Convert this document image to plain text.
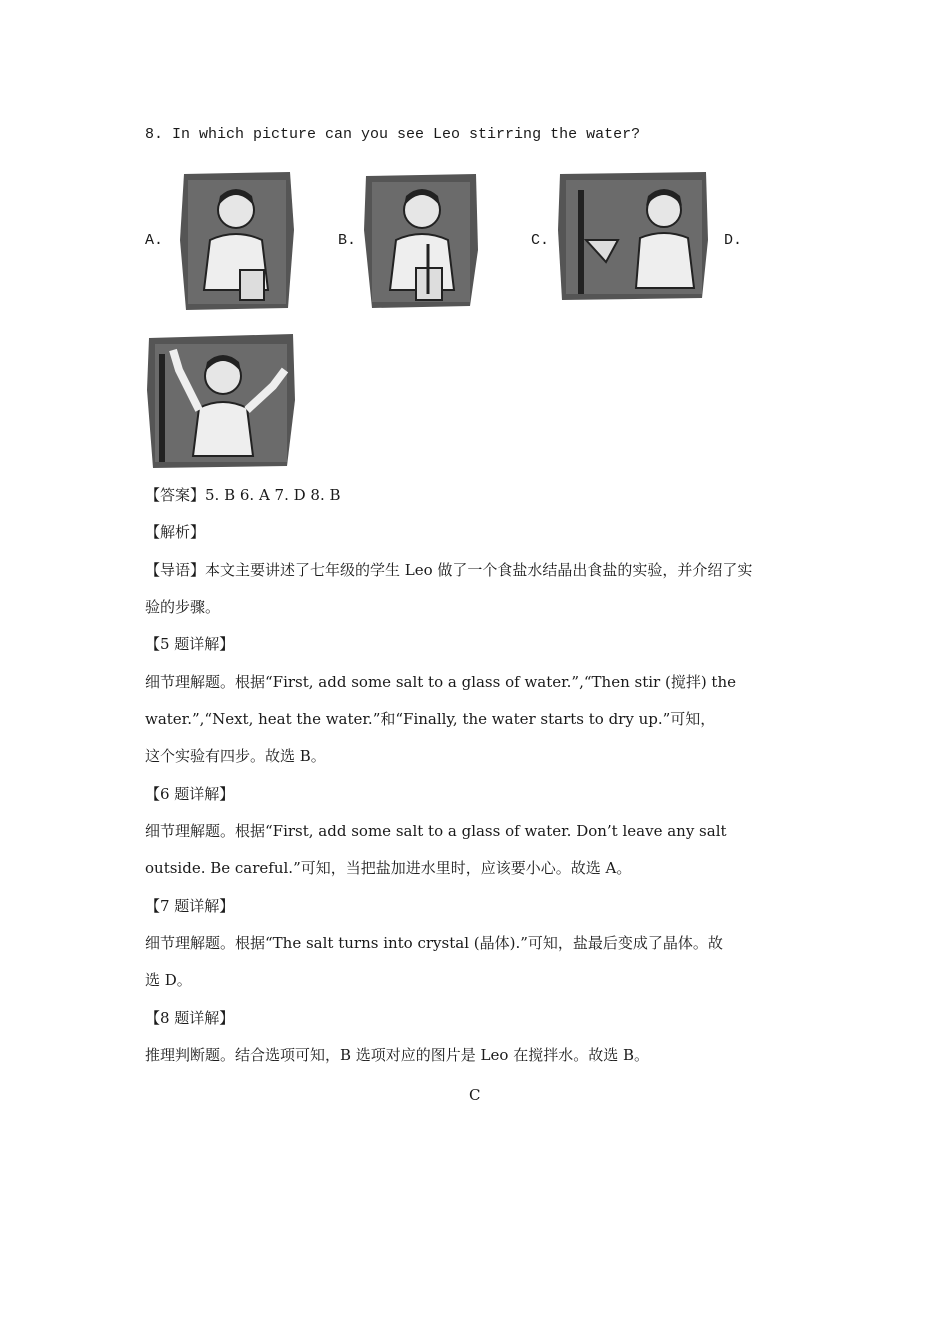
8. In which picture can you see Leo stirring the water?
A.	B.	C.	D.
【答案】5. B 6. A 7. D 8. B
【解析】
【导语】本文主要讲述了七年级的学生 Leo 做了一个食盐水结晶出食盐的实验，并介绍了实
验的步骤。
【5 题详解】
细节理解题。根据“First, add some salt to a glass of water.”,“Then stir (搅拌) the
water.”,“Next, heat the water.”和“Finally, the water starts to dry up.”可知，
这个实验有四步。故选 B。
【6 题详解】
细节理解题。根据“First, add some salt to a glass of water. Don’t leave any salt
outside. Be careful.”可知，当把盐加进水里时，应该要小心。故选 A。
【7 题详解】
细节理解题。根据“The salt turns into crystal (晶体).”可知，盐最后变成了晶体。故
选 D。
【8 题详解】
推理判断题。结合选项可知，B 选项对应的图片是 Leo 在搅拌水。故选 B。
C
